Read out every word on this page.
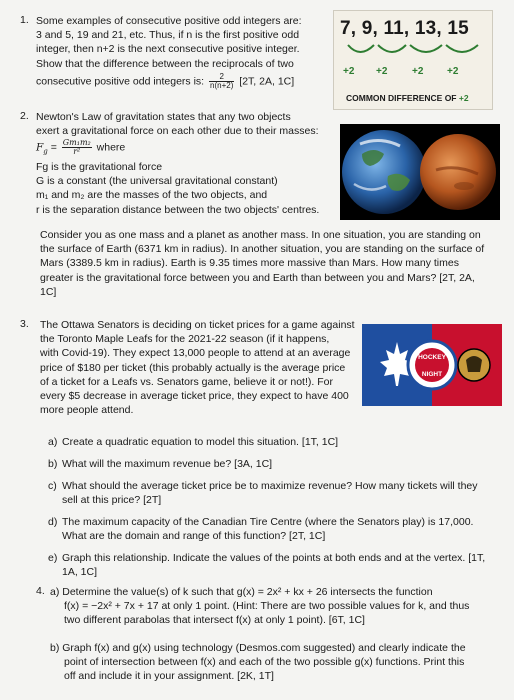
1. Some examples of consecutive positive odd integers are:
3 and 5, 19 and 21, etc. Thus, if n is the first positive odd
integer, then n+2 is the next consecutive positive integer.
Show that the difference between the reciprocals of two
consecutive positive odd integers is: $\frac{2}{n(n+2)} [2T$, 2A, 1C]
7, 9, 11, 13, 15
+2 +2 +2 +2
COMMON DIFFERENCE OF +2
2. Newton's Law of gravitation states that any two objects
exert a gravitational force on each other due to their masses:
$F_g = \frac{\text{Gm₁m₂}}{\text{r²}}$ where
Fg is the gravitational force
G is a constant (the universal gravitational constant)
m₁ and m₂ are the masses of the two objects, and
r is the separation distance between the two objects' centres.
Consider you as one mass and a planet as another mass. In one situation, you are standing on
the surface of Earth (6371 km in radius). In another situation, you are standing on the surface of
Mars (3389.5 km in radius). Earth is 9.35 times more massive than Mars. How many times
greater is the gravitational force between you and Earth than between you and Mars? [2T, 2A,
1C]
3. The Ottawa Senators is deciding on ticket prices for a game against
the Toronto Maple Leafs for the 2021-22 season (if it happens,
with Covid-19). They expect 13,000 people to attend at an average
price of $180 per ticket (this probably actually is the average price
of a ticket for a Leafs vs. Senators game, believe it or not!). For
every $5 decrease in average ticket price, they expect to have 400
more people attend.
HOCKEY
NIGHT
a) Create a quadratic equation to model this situation. [1T, 1C]
b) What will the maximum revenue be? [3A, 1C]
c) What should the average ticket price be to maximize revenue? How many tickets will they
sell at this price? [2T]
d) The maximum capacity of the Canadian Tire Centre (where the Senators play) is 17,000.
What are the domain and range of this function? [2T, 1C]
e) Graph this relationship. Indicate the values of the points at both ends and at the vertex. [1T,
1A, 1C]
4. a) Determine the value(s) of k such that g(x) = 2x² + kx + 26 intersects the function
f(x) = −2x² + 7x + 17 at only 1 point. (Hint: There are two possible values for k, and thus
two different parabolas that intersect f(x) at only 1 point). [6T, 1C]
b) Graph f(x) and g(x) using technology (Desmos.com suggested) and clearly indicate the
point of intersection between f(x) and each of the two possible g(x) functions. Print this
off and include it in your assignment. [2K, 1T]
